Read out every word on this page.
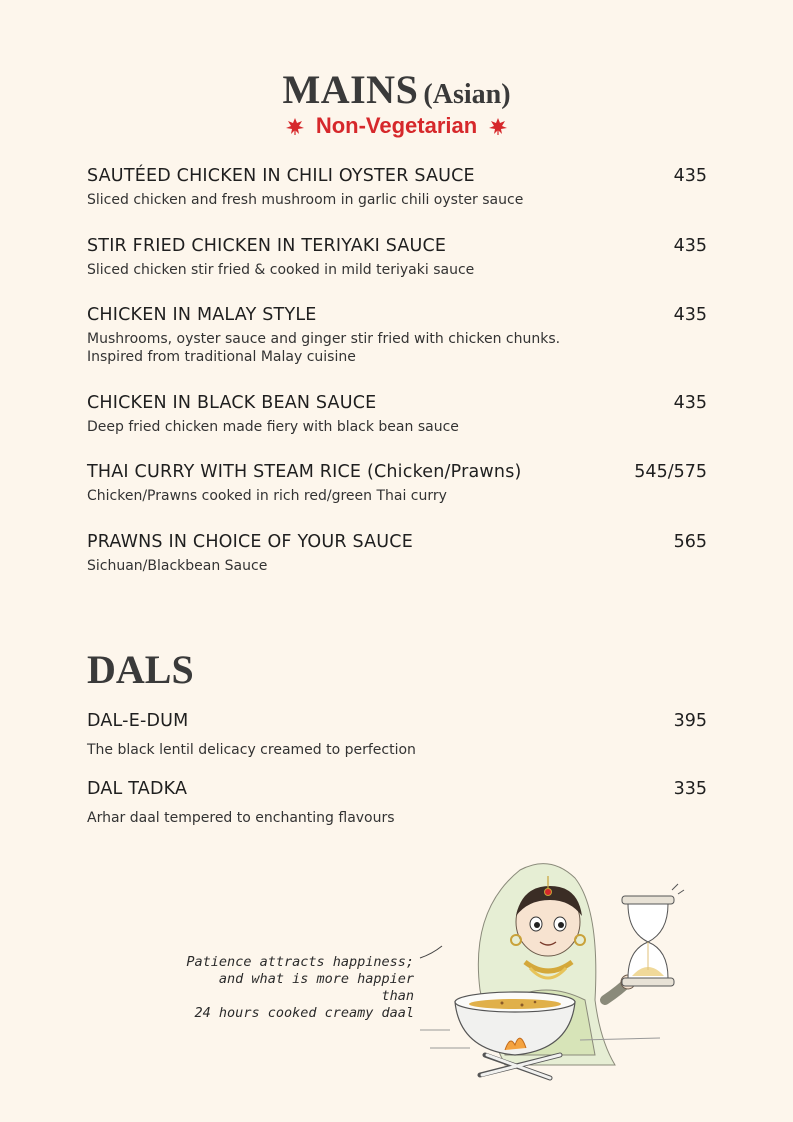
MAINS (Asian)
Non-Vegetarian
SAUTÉED CHICKEN IN CHILI OYSTER SAUCE	435
Sliced chicken and fresh mushroom in garlic chili oyster sauce
STIR FRIED CHICKEN IN TERIYAKI SAUCE	435
Sliced chicken stir fried & cooked in mild teriyaki sauce
CHICKEN IN MALAY STYLE	435
Mushrooms, oyster sauce and ginger stir fried with chicken chunks.
Inspired from traditional Malay cuisine
CHICKEN IN BLACK BEAN SAUCE	435
Deep fried chicken made fiery with black bean sauce
THAI CURRY WITH STEAM RICE (Chicken/Prawns)	545/575
Chicken/Prawns cooked in rich red/green Thai curry
PRAWNS IN CHOICE OF YOUR SAUCE	565
Sichuan/Blackbean Sauce
DALS
DAL-E-DUM	395
The black lentil delicacy creamed to perfection
DAL TADKA	335
Arhar daal tempered to enchanting flavours
Patience attracts happiness;
and what is more happier than
24 hours cooked creamy daal
